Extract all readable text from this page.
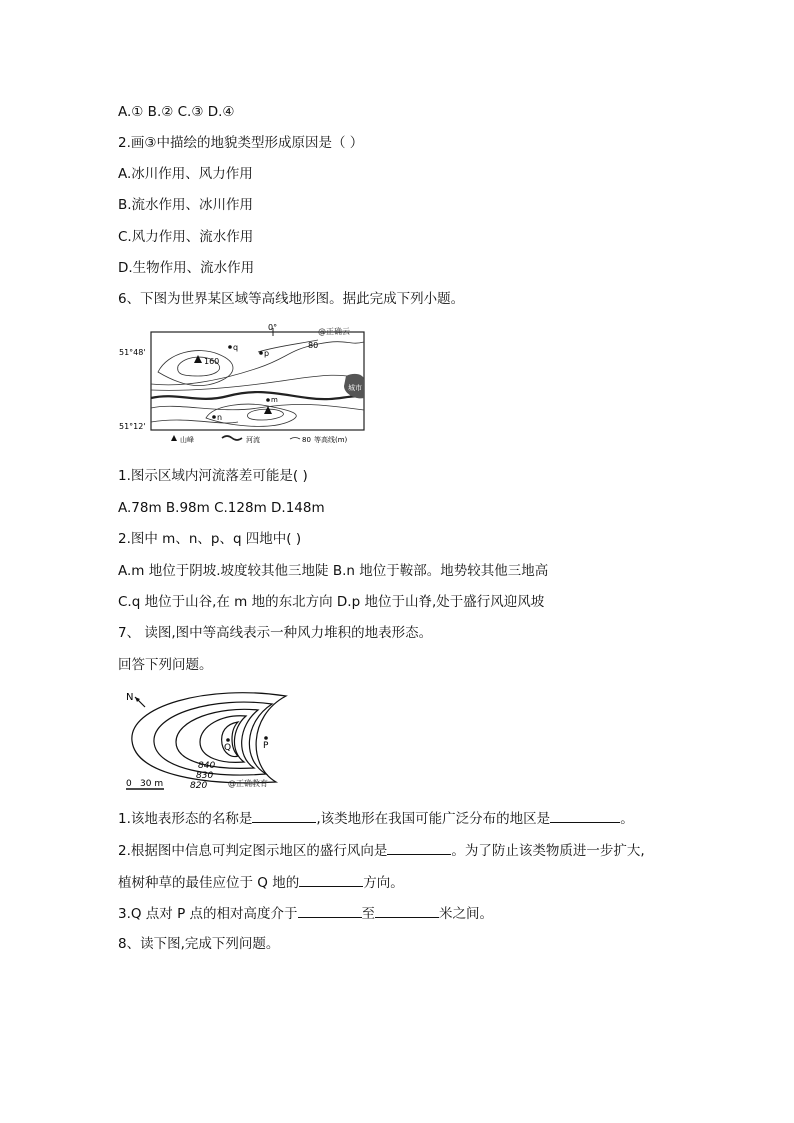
A.① B.② C.③ D.④
2.画③中描绘的地貌类型形成原因是（ ）
A.冰川作用、风力作用
B.流水作用、冰川作用
C.风力作用、流水作用
D.生物作用、流水作用
6、下图为世界某区域等高线地形图。据此完成下列小题。
0°
51°48'
51°12'
@正确云
城市
160
q
p
m
n
80
山峰	河流	80 等高线(m)
1.图示区域内河流落差可能是( )
A.78m B.98m C.128m D.148m
2.图中 m、n、p、q 四地中( )
A.m 地位于阴坡.坡度较其他三地陡 B.n 地位于鞍部。地势较其他三地高
C.q 地位于山谷,在 m 地的东北方向 D.p 地位于山脊,处于盛行风迎风坡
7、 读图,图中等高线表示一种风力堆积的地表形态。
回答下列问题。
N
Q	P
840
830
820	@正确教育
0 30 m
1.该地表形态的名称是	,该类地形在我国可能广泛分布的地区是	。
2.根据图中信息可判定图示地区的盛行风向是	。为了防止该类物质进一步扩大,
植树种草的最佳应位于 Q 地的	方向。
3.Q 点对 P 点的相对高度介于	至	米之间。
8、读下图,完成下列问题。
